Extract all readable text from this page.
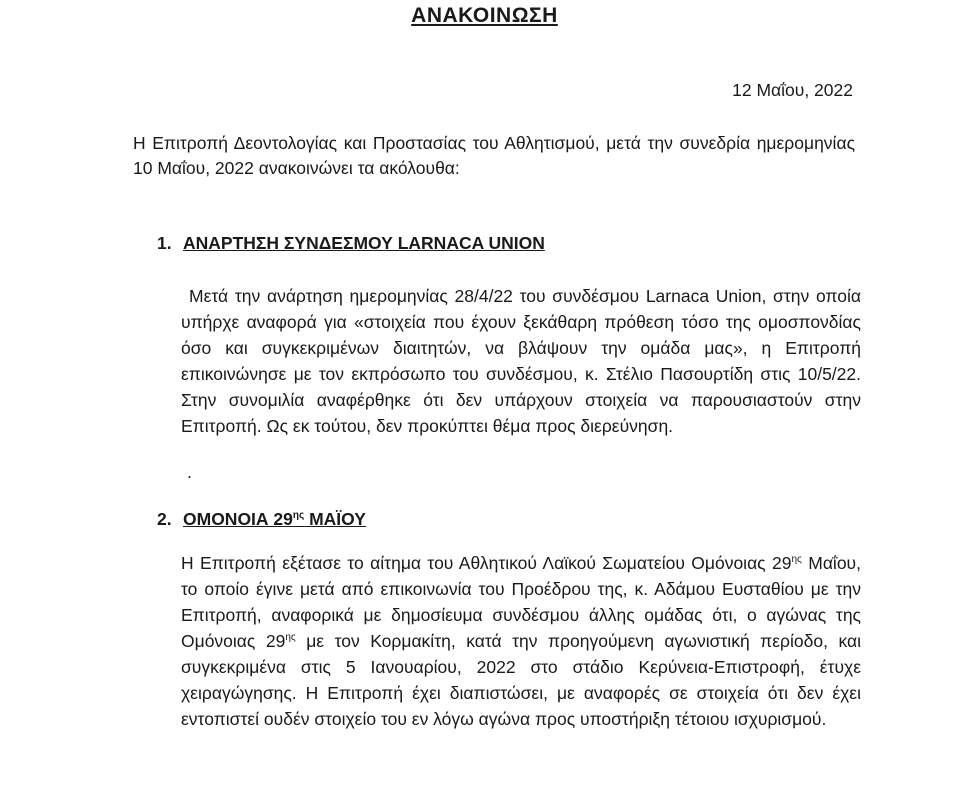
ΑΝΑΚΟΙΝΩΣΗ

12 Μαΐου, 2022

Η Επιτροπή Δεοντολογίας και Προστασίας του Αθλητισμού, μετά την συνεδρία ημερομηνίας 10 Μαΐου, 2022 ανακοινώνει τα ακόλουθα:

1. ΑΝΑΡΤΗΣΗ ΣΥΝΔΕΣΜΟΥ LARNACA UNION

Μετά την ανάρτηση ημερομηνίας 28/4/22 του συνδέσμου Larnaca Union, στην οποία υπήρχε αναφορά για «στοιχεία που έχουν ξεκάθαρη πρόθεση τόσο της ομοσπονδίας όσο και συγκεκριμένων διαιτητών, να βλάψουν την ομάδα μας», η Επιτροπή επικοινώνησε με τον εκπρόσωπο του συνδέσμου, κ. Στέλιο Πασουρτίδη στις 10/5/22. Στην συνομιλία αναφέρθηκε ότι δεν υπάρχουν στοιχεία να παρουσιαστούν στην Επιτροπή. Ως εκ τούτου, δεν προκύπτει θέμα προς διερεύνηση.

.

2. ΟΜΟΝΟΙΑ $29^{\eta\varsigma}$ ΜΑΪΟΥ

Η Επιτροπή εξέτασε το αίτημα του Αθλητικού Λαϊκού Σωματείου Ομόνοιας $29^{\eta\varsigma}$ Μαΐου, το οποίο έγινε μετά από επικοινωνία του Προέδρου της, κ. Αδάμου Ευσταθίου με την Επιτροπή, αναφορικά με δημοσίευμα συνδέσμου άλλης ομάδας ότι, ο αγώνας της Ομόνοιας $29^{\eta\varsigma}$ με τον Κορμακίτη, κατά την προηγούμενη αγωνιστική περίοδο, και συγκεκριμένα στις 5 Ιανουαρίου, 2022 στο στάδιο Κερύνεια-Επιστροφή, έτυχε χειραγώγησης. Η Επιτροπή έχει διαπιστώσει, με αναφορές σε στοιχεία ότι δεν έχει εντοπιστεί ουδέν στοιχείο του εν λόγω αγώνα προς υποστήριξη τέτοιου ισχυρισμού.
